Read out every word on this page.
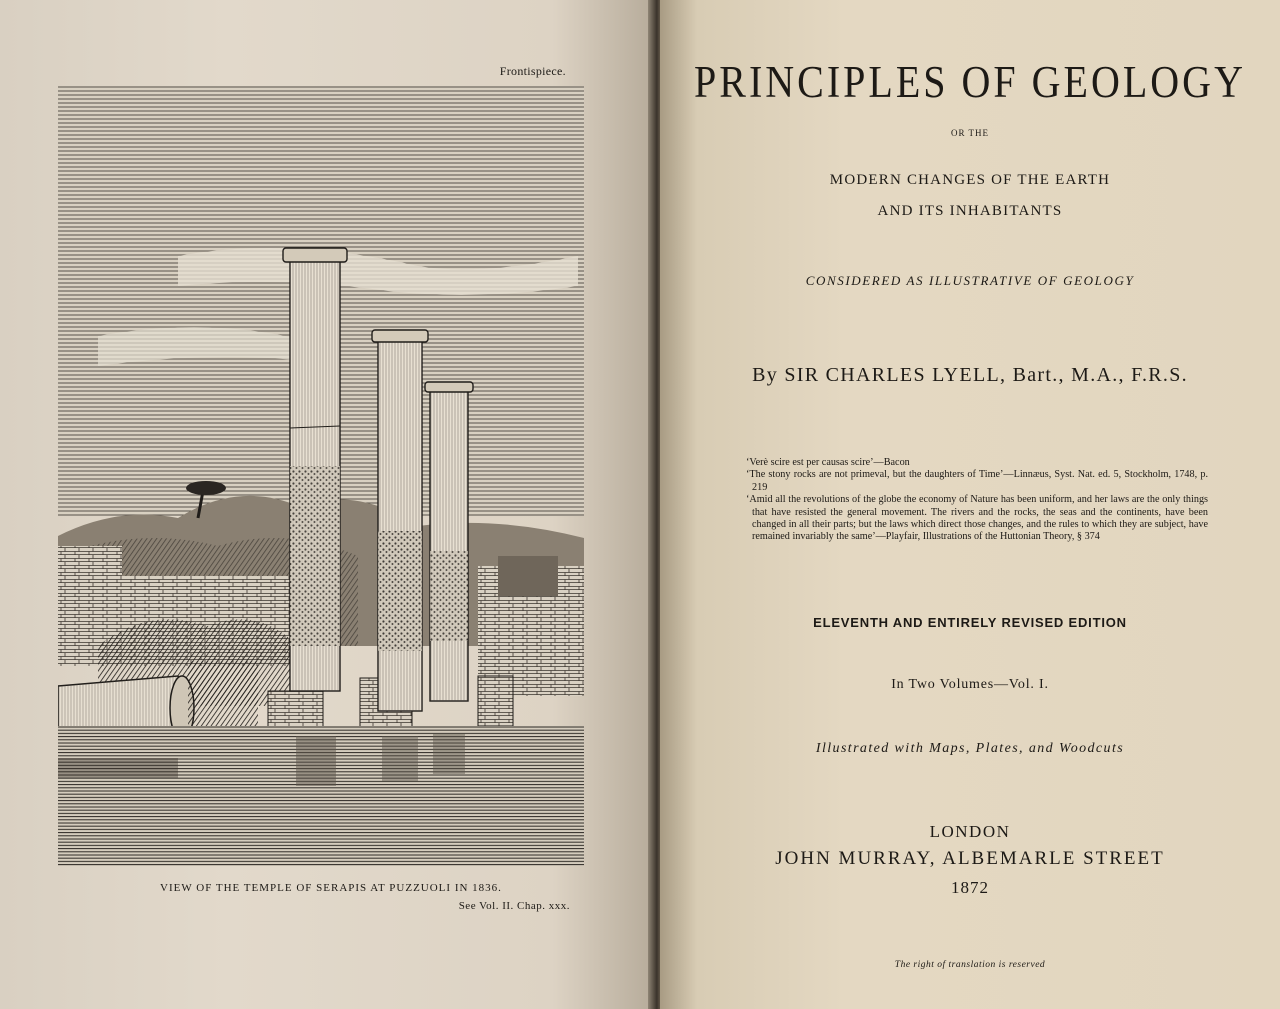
Frontispiece.
VIEW OF THE TEMPLE OF SERAPIS AT PUZZUOLI IN 1836.
See Vol. II. Chap. xxx.
PRINCIPLES OF GEOLOGY
OR THE
MODERN CHANGES OF THE EARTH
AND ITS INHABITANTS
CONSIDERED AS ILLUSTRATIVE OF GEOLOGY
By SIR CHARLES LYELL, Bart., M.A., F.R.S.

‘Verè scire est per causas scire’—Bacon

‘The stony rocks are not primeval, but the daughters of Time’—Linnæus, Syst. Nat. ed. 5, Stockholm, 1748, p. 219

‘Amid all the revolutions of the globe the economy of Nature has been uniform, and her laws are the only things that have resisted the general movement. The rivers and the rocks, the seas and the continents, have been changed in all their parts; but the laws which direct those changes, and the rules to which they are subject, have remained invariably the same’—Playfair, Illustrations of the Huttonian Theory, § 374

ELEVENTH AND ENTIRELY REVISED EDITION
In Two Volumes—Vol. I.
Illustrated with Maps, Plates, and Woodcuts
LONDON
JOHN MURRAY, ALBEMARLE STREET
1872
The right of translation is reserved
